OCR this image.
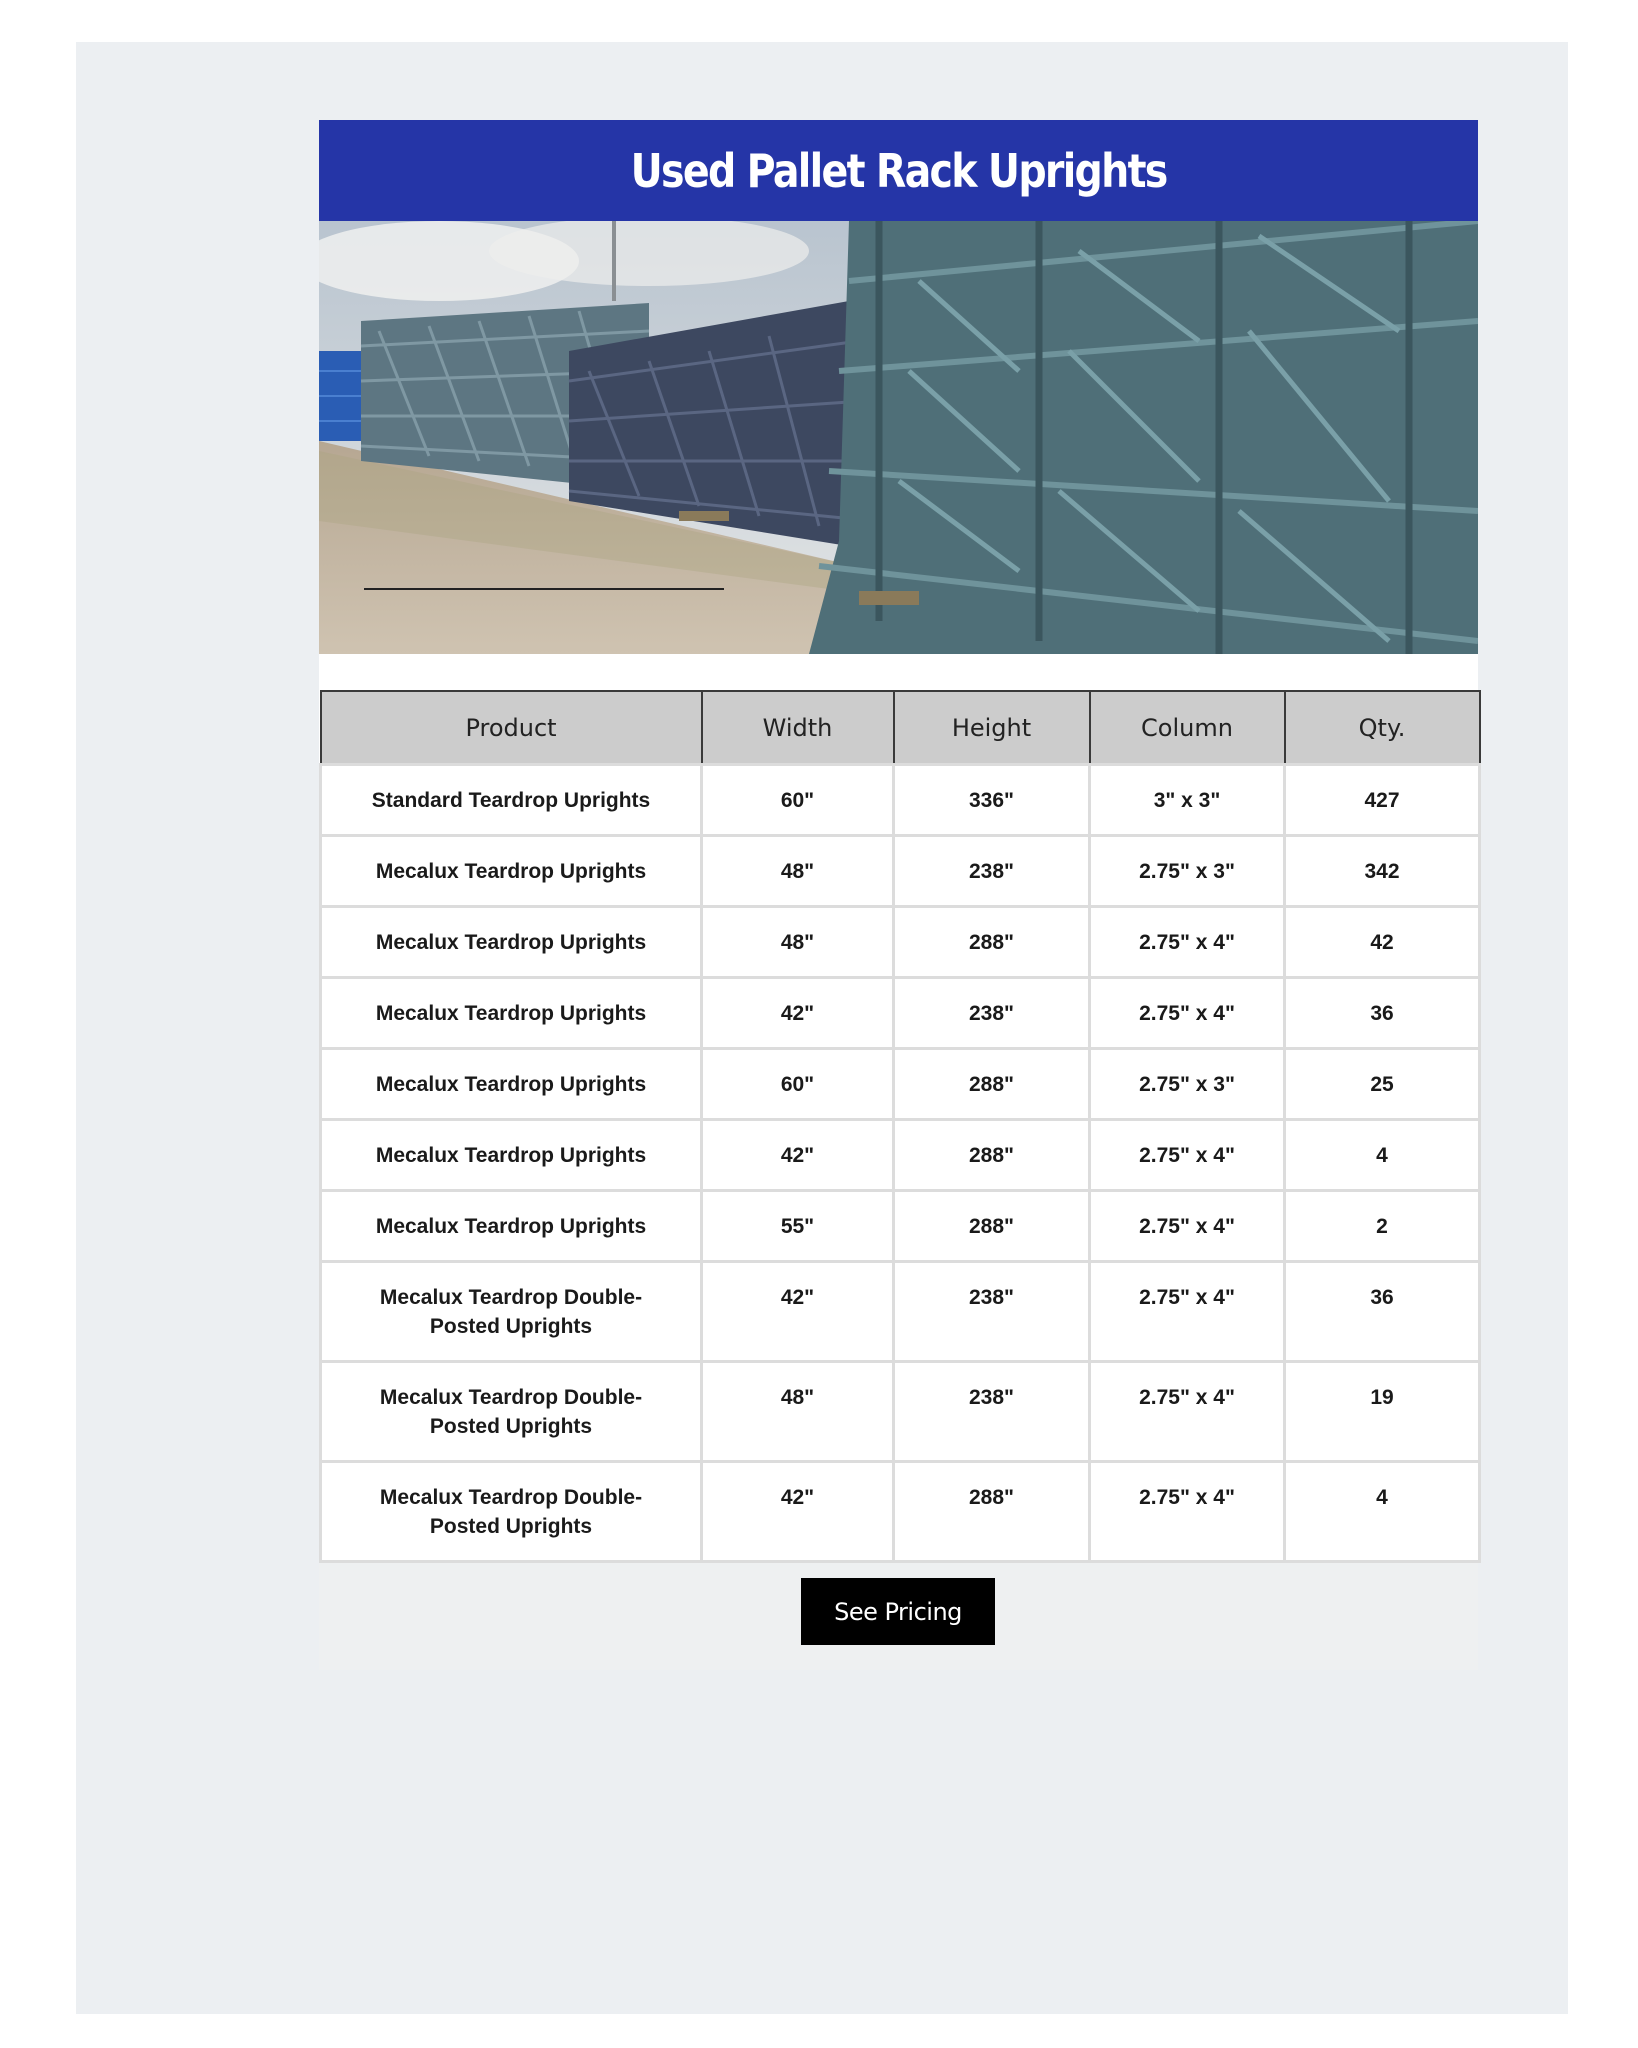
Used Pallet Rack Uprights
Product	Width	Height	Column	Qty.
Standard Teardrop Uprights	60"	336"	3" x 3"	427
Mecalux Teardrop Uprights	48"	238"	2.75" x 3"	342
Mecalux Teardrop Uprights	48"	288"	2.75" x 4"	42
Mecalux Teardrop Uprights	42"	238"	2.75" x 4"	36
Mecalux Teardrop Uprights	60"	288"	2.75" x 3"	25
Mecalux Teardrop Uprights	42"	288"	2.75" x 4"	4
Mecalux Teardrop Uprights	55"	288"	2.75" x 4"	2
Mecalux Teardrop Double-Posted Uprights	42"	238"	2.75" x 4"	36
Mecalux Teardrop Double-Posted Uprights	48"	238"	2.75" x 4"	19
Mecalux Teardrop Double-Posted Uprights	42"	288"	2.75" x 4"	4
See Pricing
